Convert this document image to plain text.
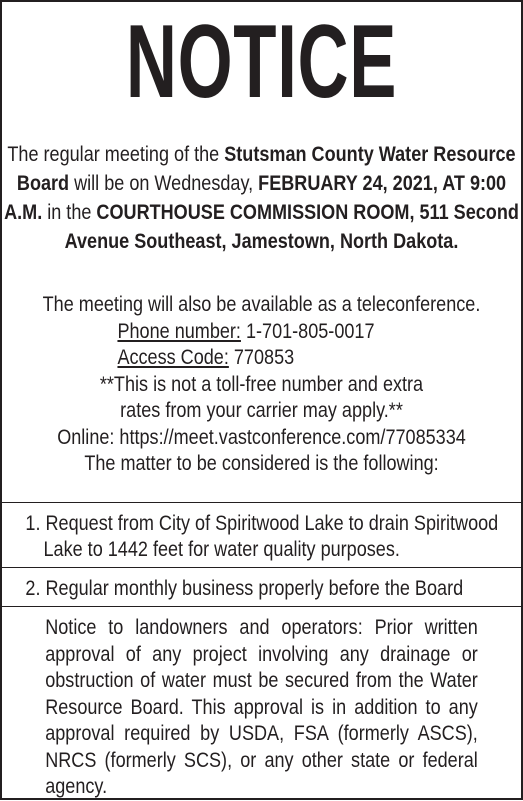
NOTICE

The regular meeting of the Stutsman County Water Resource Board will be on Wednesday, FEBRUARY 24, 2021, AT 9:00 A.M. in the COURTHOUSE COMMISSION ROOM, 511 Second Avenue Southeast, Jamestown, North Dakota.

The meeting will also be available as a teleconference.
Phone number: 1-701-805-0017
Access Code: 770853
**This is not a toll-free number and extra rates from your carrier may apply.**
Online: https://meet.vastconference.com/77085334
The matter to be considered is the following:
1. Request from City of Spiritwood Lake to drain Spiritwood Lake to 1442 feet for water quality purposes.
2. Regular monthly business properly before the Board
Notice to landowners and operators: Prior written approval of any project involving any drainage or obstruction of water must be secured from the Water Resource Board. This approval is in addition to any approval required by USDA, FSA (formerly ASCS), NRCS (formerly SCS), or any other state or federal agency.
